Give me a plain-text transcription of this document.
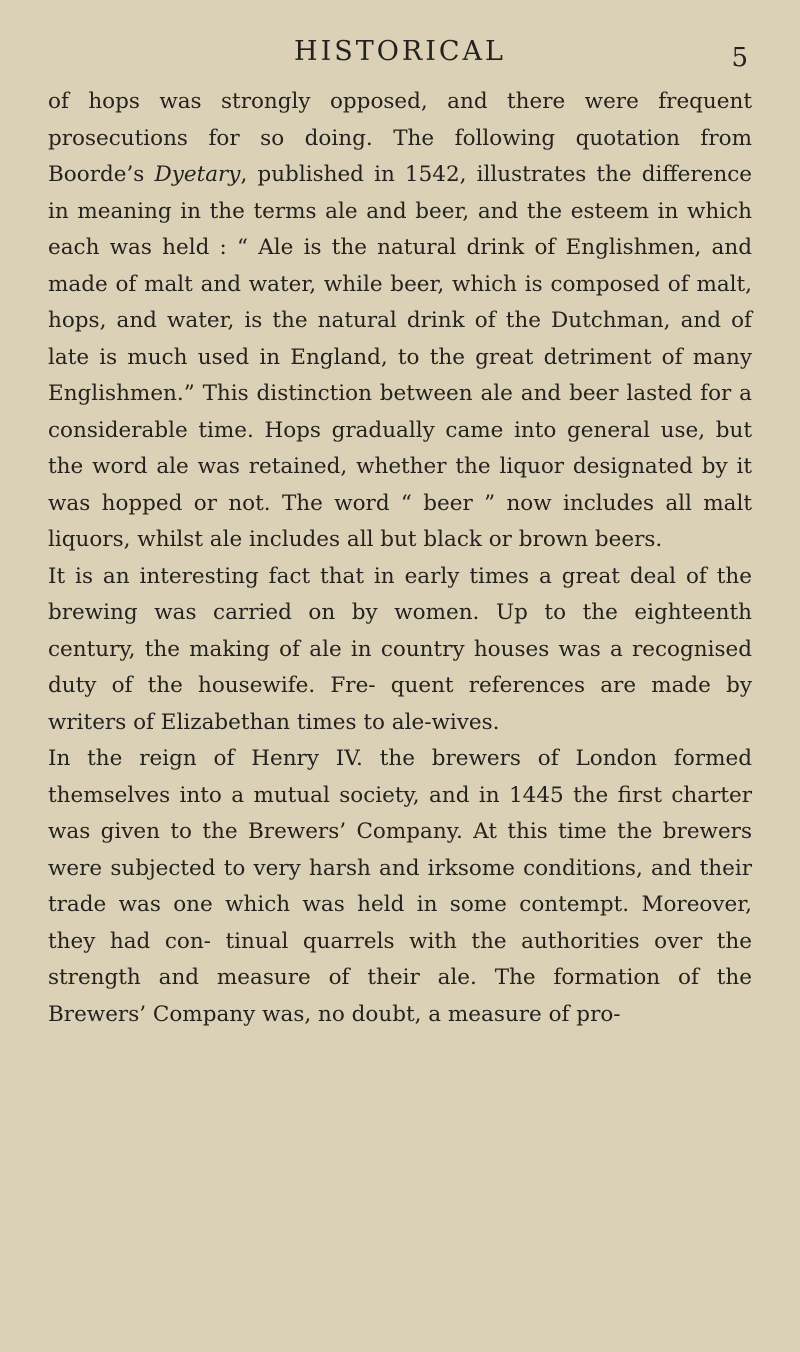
HISTORICAL	5

of hops was strongly opposed, and there were frequent prosecutions for so doing. The following quotation from Boorde’s Dyetary, published in 1542, illustrates the difference in meaning in the terms ale and beer, and the esteem in which each was held : “ Ale is the natural drink of Englishmen, and made of malt and water, while beer, which is composed of malt, hops, and water, is the natural drink of the Dutchman, and of late is much used in England, to the great detriment of many Englishmen.” This distinction between ale and beer lasted for a considerable time. Hops gradually came into general use, but the word ale was retained, whether the liquor designated by it was hopped or not. The word “ beer ” now includes all malt liquors, whilst ale includes all but black or brown beers.

It is an interesting fact that in early times a great deal of the brewing was carried on by women. Up to the eighteenth century, the making of ale in country houses was a recognised duty of the housewife. Fre- quent references are made by writers of Elizabethan times to ale-wives.

In the reign of Henry IV. the brewers of London formed themselves into a mutual society, and in 1445 the first charter was given to the Brewers’ Company. At this time the brewers were subjected to very harsh and irksome conditions, and their trade was one which was held in some contempt. Moreover, they had con- tinual quarrels with the authorities over the strength and measure of their ale. The formation of the Brewers’ Company was, no doubt, a measure of pro-
